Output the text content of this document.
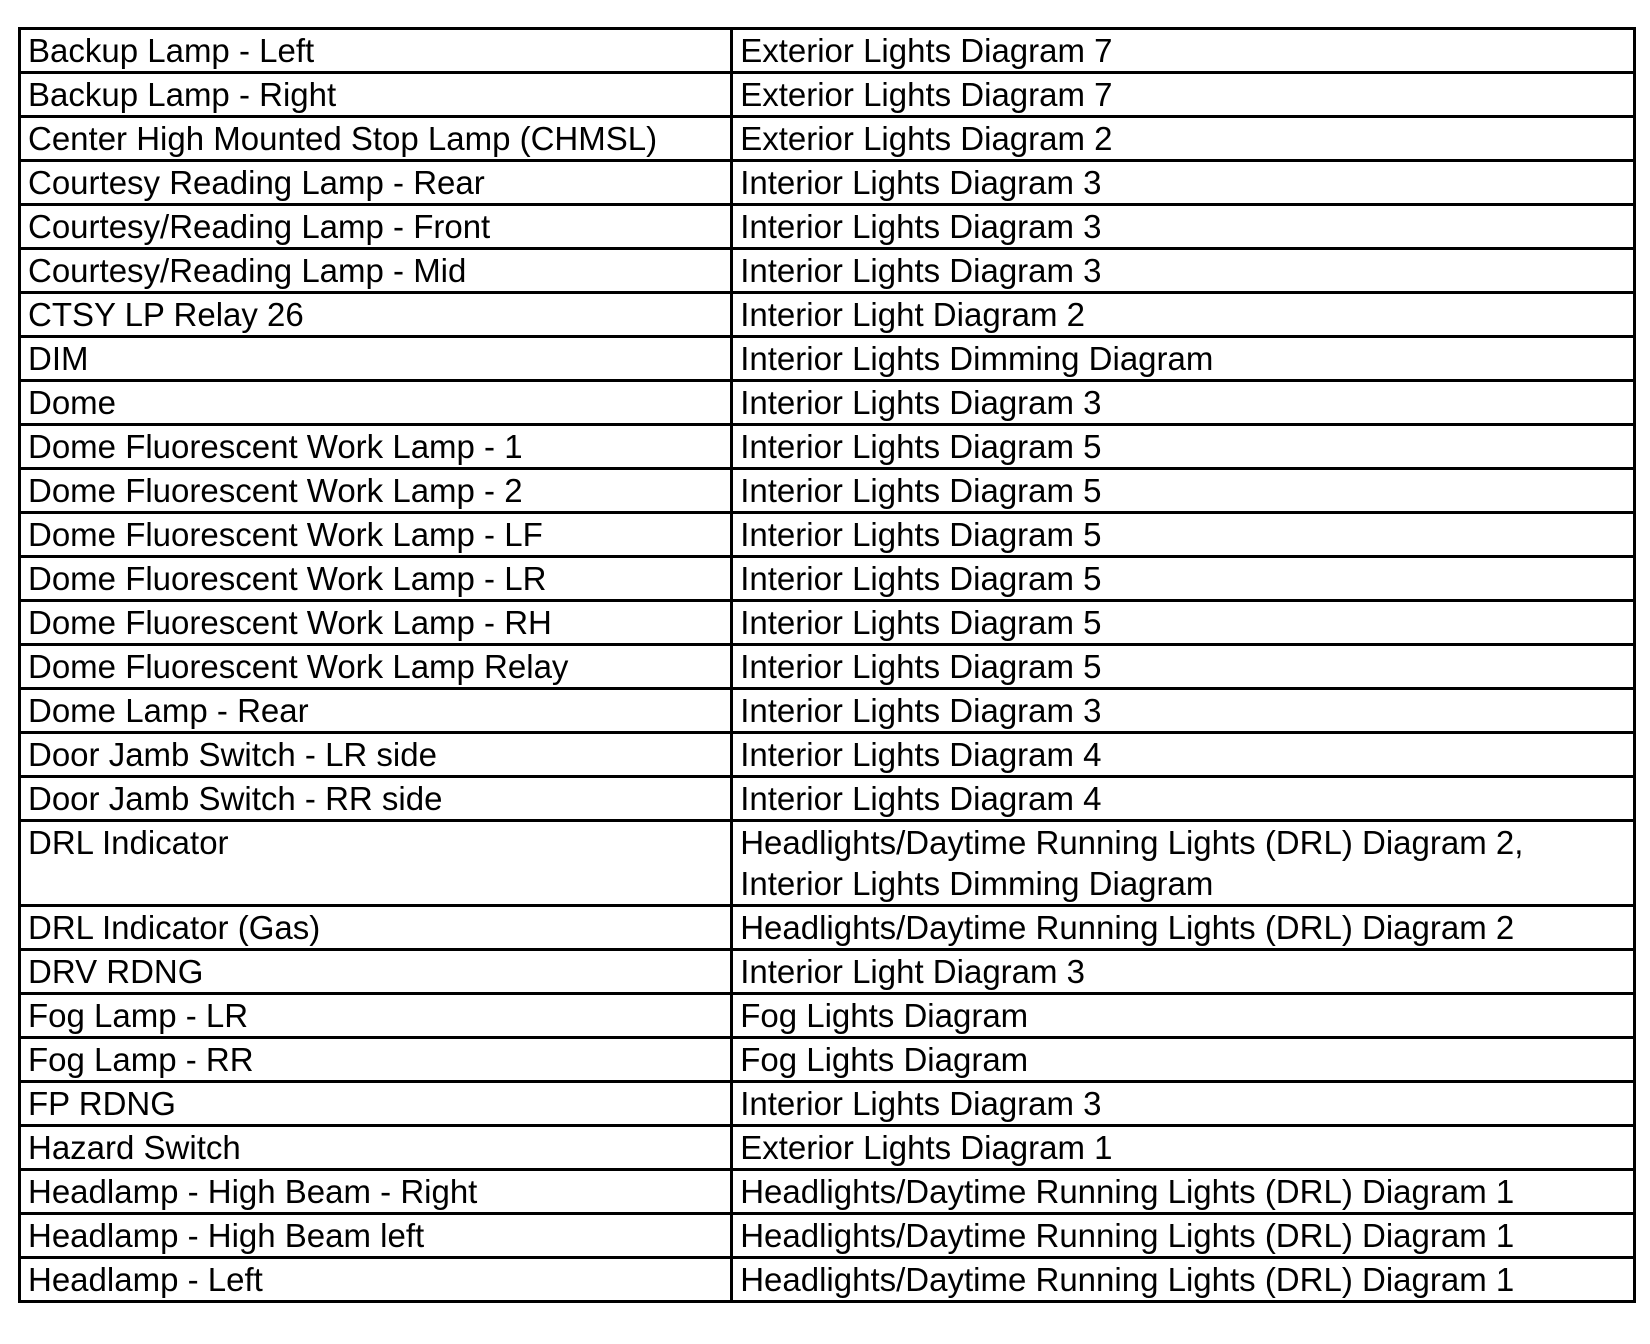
Backup Lamp - Left	Exterior Lights Diagram 7

Backup Lamp - Right	Exterior Lights Diagram 7

Center High Mounted Stop Lamp (CHMSL)	Exterior Lights Diagram 2

Courtesy Reading Lamp - Rear	Interior Lights Diagram 3

Courtesy/Reading Lamp - Front	Interior Lights Diagram 3

Courtesy/Reading Lamp - Mid	Interior Lights Diagram 3

CTSY LP Relay 26	Interior Light Diagram 2

DIM	Interior Lights Dimming Diagram

Dome	Interior Lights Diagram 3

Dome Fluorescent Work Lamp - 1	Interior Lights Diagram 5

Dome Fluorescent Work Lamp - 2	Interior Lights Diagram 5

Dome Fluorescent Work Lamp - LF	Interior Lights Diagram 5

Dome Fluorescent Work Lamp - LR	Interior Lights Diagram 5

Dome Fluorescent Work Lamp - RH	Interior Lights Diagram 5

Dome Fluorescent Work Lamp Relay	Interior Lights Diagram 5

Dome Lamp - Rear	Interior Lights Diagram 3

Door Jamb Switch - LR side	Interior Lights Diagram 4

Door Jamb Switch - RR side	Interior Lights Diagram 4

DRL Indicator	Headlights/Daytime Running Lights (DRL) Diagram 2,
Interior Lights Dimming Diagram

DRL Indicator (Gas)	Headlights/Daytime Running Lights (DRL) Diagram 2

DRV RDNG	Interior Light Diagram 3

Fog Lamp - LR	Fog Lights Diagram

Fog Lamp - RR	Fog Lights Diagram

FP RDNG	Interior Lights Diagram 3

Hazard Switch	Exterior Lights Diagram 1

Headlamp - High Beam - Right	Headlights/Daytime Running Lights (DRL) Diagram 1

Headlamp - High Beam left	Headlights/Daytime Running Lights (DRL) Diagram 1

Headlamp - Left	Headlights/Daytime Running Lights (DRL) Diagram 1
